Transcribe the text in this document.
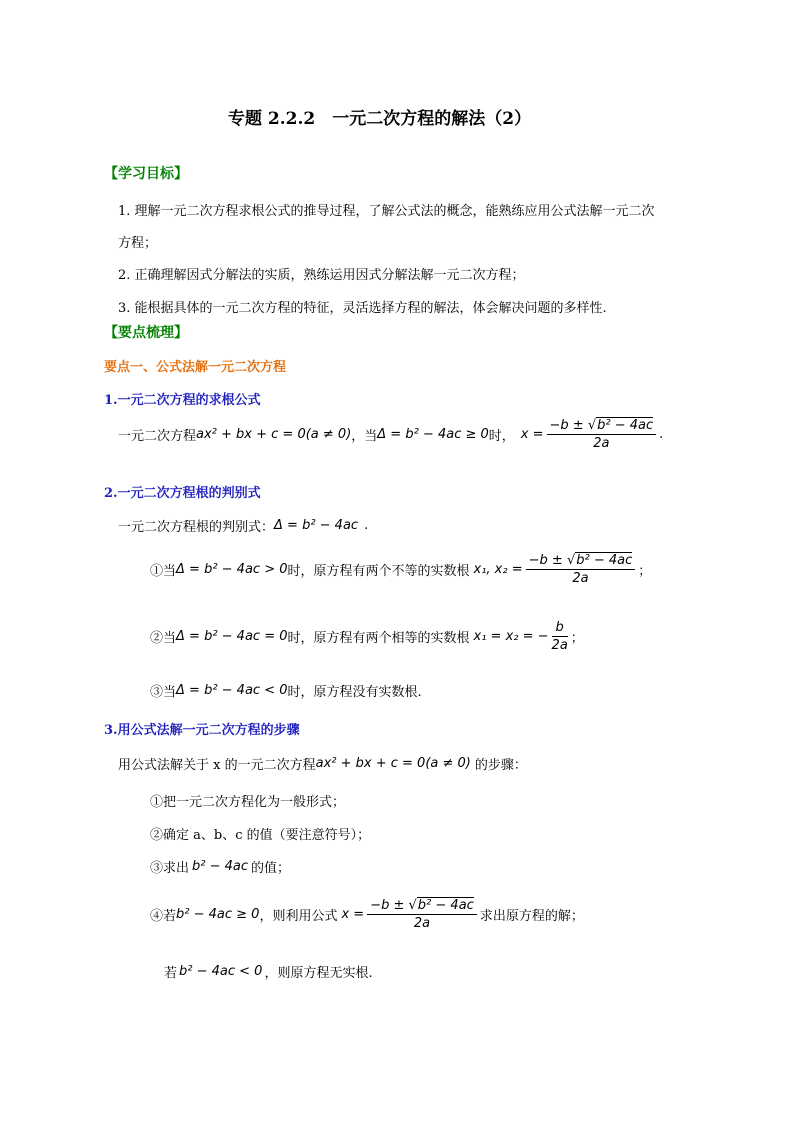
专题 2.2.2　一元二次方程的解法（2）
【学习目标】
1. 理解一元二次方程求根公式的推导过程，了解公式法的概念，能熟练应用公式法解一元二次
方程；
2. 正确理解因式分解法的实质，熟练运用因式分解法解一元二次方程；
3. 能根据具体的一元二次方程的特征，灵活选择方程的解法，体会解决问题的多样性.
【要点梳理】
要点一、公式法解一元二次方程
1.一元二次方程的求根公式
一元二次方程ax² + bx + c = 0(a ≠ 0)，当Δ = b² − 4ac ≥ 0时， $x = \frac{\text{−b ± √b² − 4ac}}{2a}$ .
2.一元二次方程根的判别式
一元二次方程根的判别式：Δ = b² − 4ac .
①当Δ = b² − 4ac > 0时，原方程有两个不等的实数根 x₁, $x_2 = \frac{\text{−b ± √b² − 4ac}}{2a}$ ；
②当Δ = b² − 4ac = 0时，原方程有两个相等的实数根 x₁ = x₂ = − $\frac{b}{2a}$ ；
③当Δ = b² − 4ac < 0时，原方程没有实数根.
3.用公式法解一元二次方程的步骤
用公式法解关于 x 的一元二次方程ax² + bx + c = 0(a ≠ 0) 的步骤：
①把一元二次方程化为一般形式；
②确定 a、b、c 的值（要注意符号）；
③求出 b² − 4ac 的值；
④若b² − 4ac ≥ 0，则利用公式 $x = \frac{\text{−b ± √b² − 4ac}}{2a}$ 求出原方程的解；
若 b² − 4ac < 0 ，则原方程无实根.
